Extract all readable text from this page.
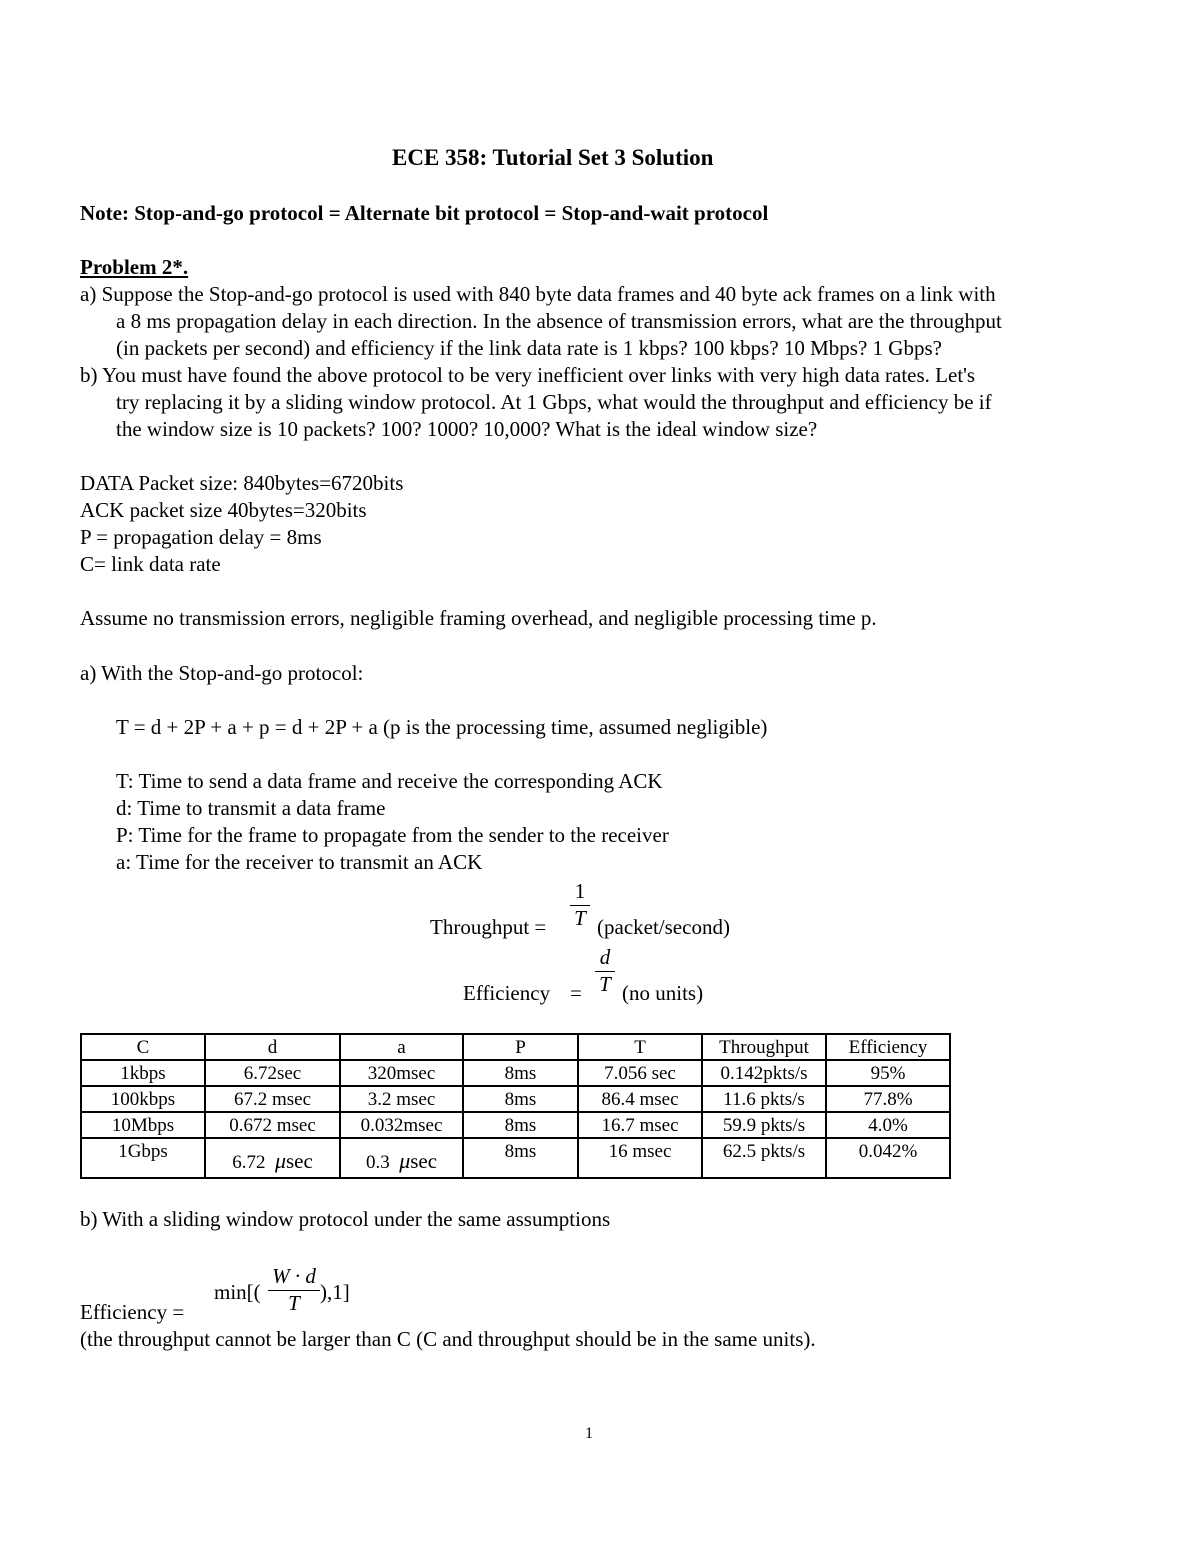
ECE 358: Tutorial Set 3 Solution
Note: Stop-and-go protocol = Alternate bit protocol = Stop-and-wait protocol
Problem 2*.
a) Suppose the Stop-and-go protocol is used with 840 byte data frames and 40 byte ack frames on a link with
a 8 ms propagation delay in each direction. In the absence of transmission errors, what are the throughput
(in packets per second) and efficiency if the link data rate is 1 kbps? 100 kbps? 10 Mbps? 1 Gbps?
b) You must have found the above protocol to be very inefficient over links with very high data rates. Let's
try replacing it by a sliding window protocol. At 1 Gbps, what would the throughput and efficiency be if
the window size is 10 packets? 100? 1000? 10,000? What is the ideal window size?
DATA Packet size: 840bytes=6720bits
ACK packet size 40bytes=320bits
P = propagation delay = 8ms
C= link data rate
Assume no transmission errors, negligible framing overhead, and negligible processing time p.
a) With the Stop-and-go protocol:
T = d + 2P + a + p = d + 2P + a (p is the processing time, assumed negligible)
T: Time to send a data frame and receive the corresponding ACK
d: Time to transmit a data frame
P: Time for the frame to propagate from the sender to the receiver
a: Time for the receiver to transmit an ACK
Throughput =
1
T (packet/second)
Efficiency =
d
T (no units)
C	d	a	P	T	Throughput	Efficiency
1kbps	6.72sec	320msec	8ms	7.056 sec	0.142pkts/s	95%
100kbps	67.2 msec	3.2 msec	8ms	86.4 msec	11.6 pkts/s	77.8%
10Mbps	0.672 msec	0.032msec	8ms	16.7 msec	59.9 pkts/s	4.0%
1Gbps	6.72 μsec	0.3 μsec	8ms	16 msec	62.5 pkts/s	0.042%
b) With a sliding window protocol under the same assumptions
min[(
W · d
T ),1]
Efficiency =
(the throughput cannot be larger than C (C and throughput should be in the same units).
1
